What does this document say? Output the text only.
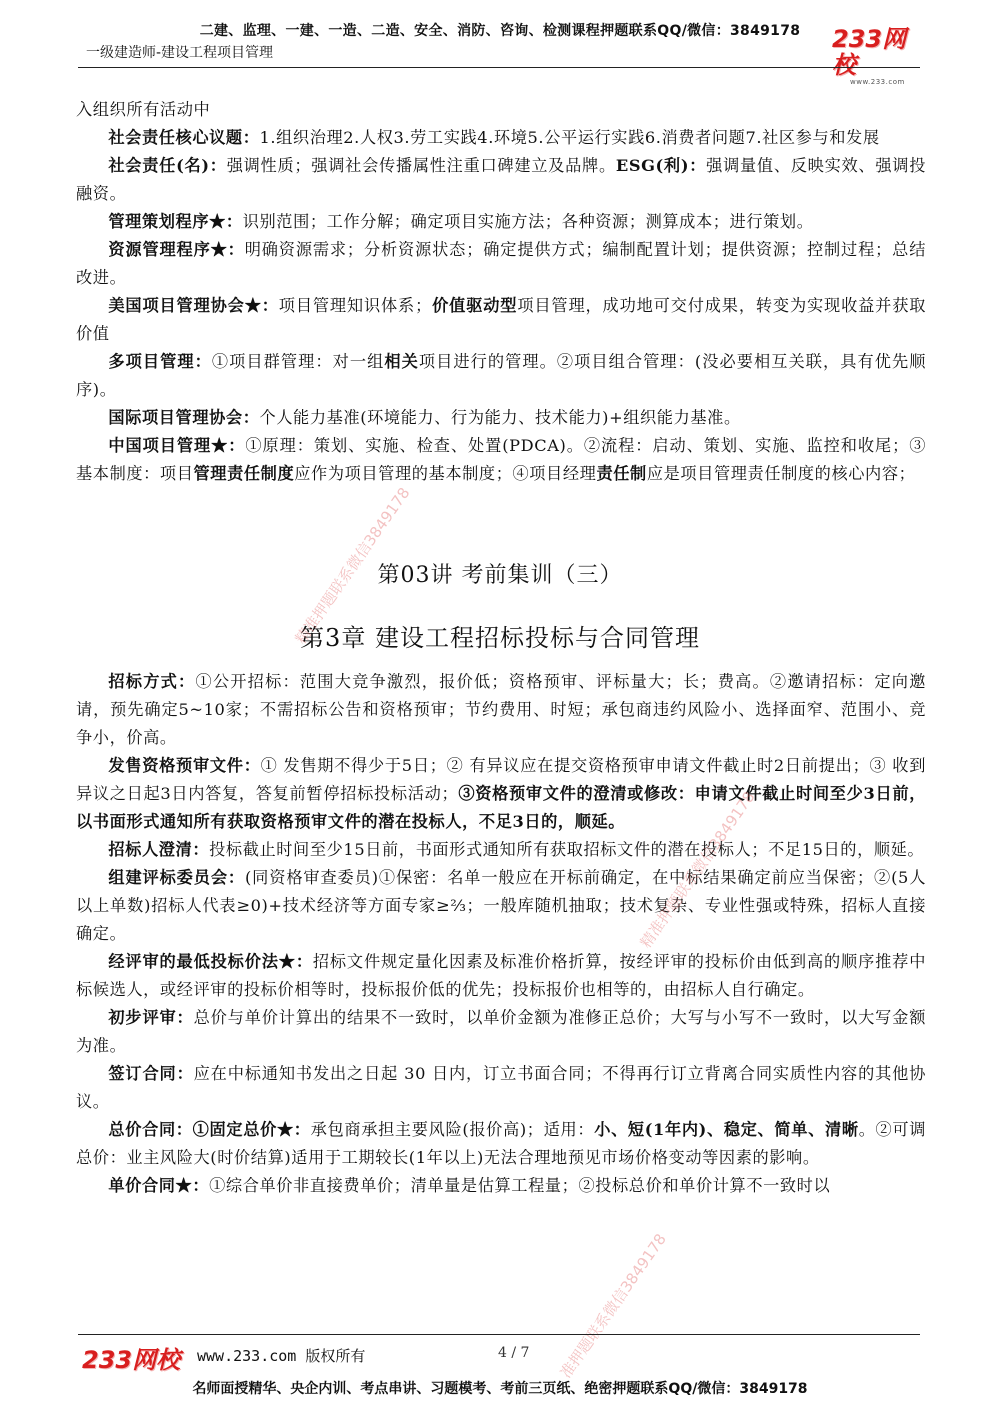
二建、监理、一建、一造、二造、安全、消防、咨询、检测课程押题联系QQ/微信：3849178
一级建造师-建设工程项目管理	233网校
www.233.com

入组织所有活动中

社会责任核心议题：1.组织治理2.人权3.劳工实践4.环境5.公平运行实践6.消费者问题7.社区参与和发展

社会责任(名)：强调性质；强调社会传播属性注重口碑建立及品牌。ESG(利)：强调量值、反映实效、强调投融资。

管理策划程序★：识别范围；工作分解；确定项目实施方法；各种资源；测算成本；进行策划。

资源管理程序★：明确资源需求；分析资源状态；确定提供方式；编制配置计划；提供资源；控制过程；总结改进。

美国项目管理协会★：项目管理知识体系；价值驱动型项目管理，成功地可交付成果，转变为实现收益并获取价值

多项目管理：①项目群管理：对一组相关项目进行的管理。②项目组合管理：(没必要相互关联，具有优先顺序)。

国际项目管理协会：个人能力基准(环境能力、行为能力、技术能力)+组织能力基准。

中国项目管理★：①原理：策划、实施、检查、处置(PDCA)。②流程：启动、策划、实施、监控和收尾；③基本制度：项目管理责任制度应作为项目管理的基本制度；④项目经理责任制应是项目管理责任制度的核心内容；

第03讲 考前集训（三）
第3章 建设工程招标投标与合同管理

招标方式：①公开招标：范围大竞争激烈，报价低；资格预审、评标量大；长；费高。②邀请招标：定向邀请，预先确定5~10家；不需招标公告和资格预审；节约费用、时短；承包商违约风险小、选择面窄、范围小、竞争小，价高。

发售资格预审文件：① 发售期不得少于5日；② 有异议应在提交资格预审申请文件截止时2日前提出；③ 收到异议之日起3日内答复，答复前暂停招标投标活动；③资格预审文件的澄清或修改：申请文件截止时间至少3日前，以书面形式通知所有获取资格预审文件的潜在投标人，不足3日的，顺延。

招标人澄清：投标截止时间至少15日前，书面形式通知所有获取招标文件的潜在投标人；不足15日的，顺延。

组建评标委员会：(同资格审查委员)①保密：名单一般应在开标前确定，在中标结果确定前应当保密；②(5人以上单数)招标人代表≥0)+技术经济等方面专家≥⅔；一般库随机抽取；技术复杂、专业性强或特殊，招标人直接确定。

经评审的最低投标价法★：招标文件规定量化因素及标准价格折算，按经评审的投标价由低到高的顺序推荐中标候选人，或经评审的投标价相等时，投标报价低的优先；投标报价也相等的，由招标人自行确定。

初步评审：总价与单价计算出的结果不一致时，以单价金额为准修正总价；大写与小写不一致时，以大写金额为准。

签订合同：应在中标通知书发出之日起 30 日内，订立书面合同；不得再行订立背离合同实质性内容的其他协议。

总价合同：①固定总价★：承包商承担主要风险(报价高)；适用：小、短(1年内)、稳定、简单、清晰。②可调总价：业主风险大(时价结算)适用于工期较长(1年以上)无法合理地预见市场价格变动等因素的影响。

单价合同★：①综合单价非直接费单价；清单量是估算工程量；②投标总价和单价计算不一致时以

精准押题联系微信3849178
精准押题联系微信3849178
准押题联系微信3849178
233网校 www.233.com 版权所有	4 / 7
名师面授精华、央企内训、考点串讲、习题模考、考前三页纸、绝密押题联系QQ/微信：3849178
